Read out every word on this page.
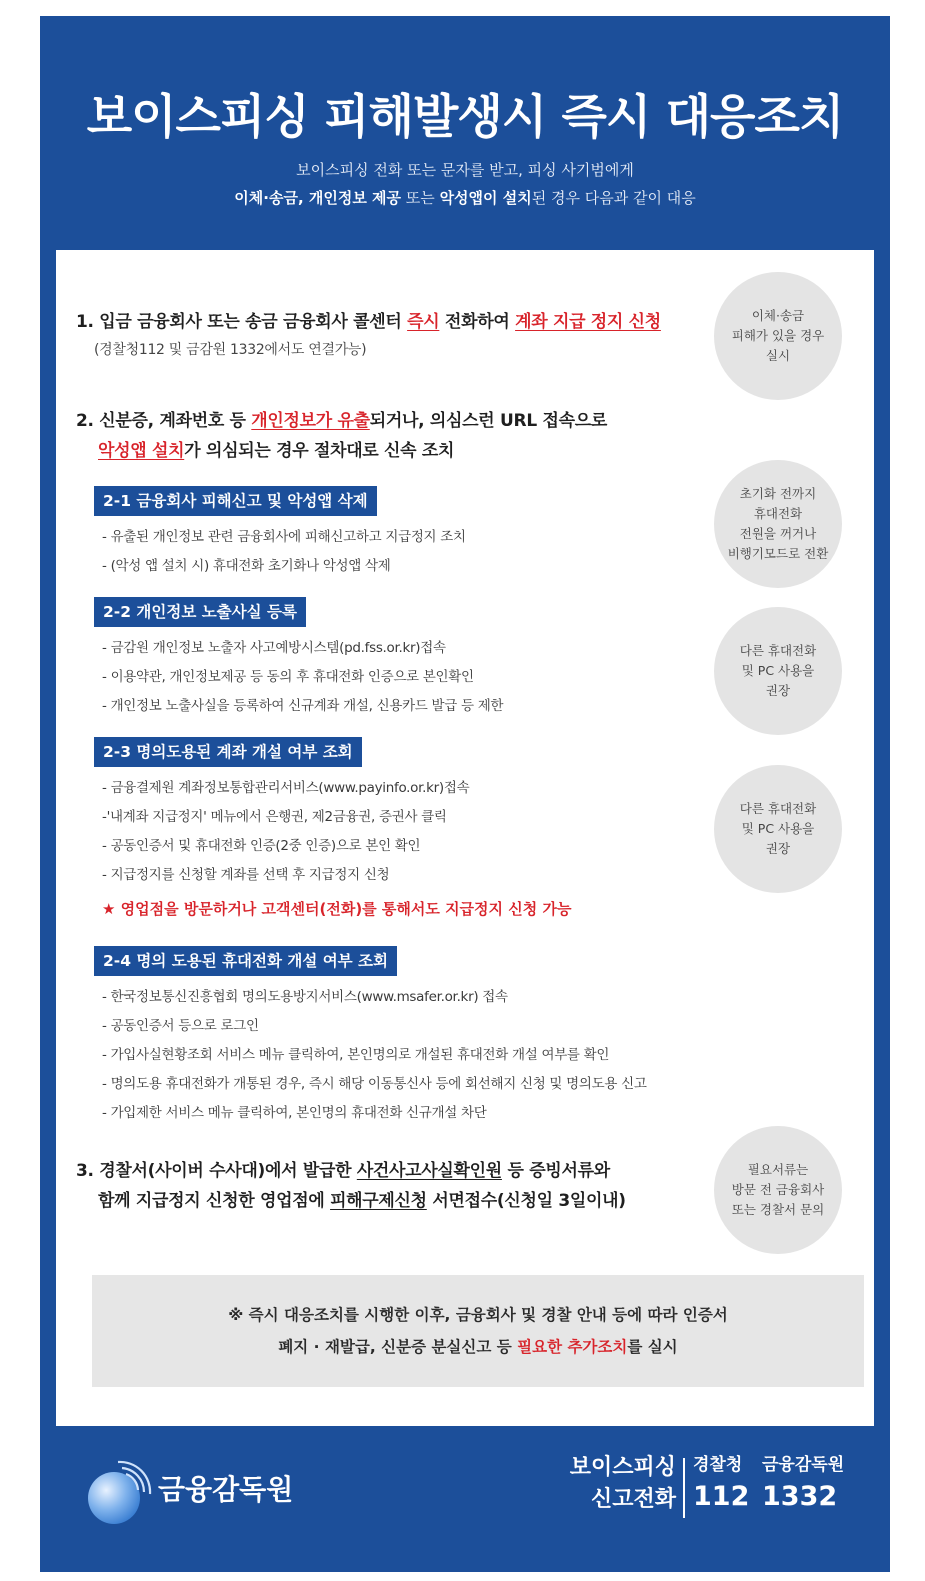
보이스피싱 피해발생시 즉시 대응조치
보이스피싱 전화 또는 문자를 받고, 피싱 사기범에게
이체·송금, 개인정보 제공 또는 악성앱이 설치된 경우 다음과 같이 대응
1. 입금 금융회사 또는 송금 금융회사 콜센터 즉시 전화하여 계좌 지급 정지 신청
(경찰청112 및 금감원 1332에서도 연결가능)
이체·송금
피해가 있을 경우
실시
2. 신분증, 계좌번호 등 개인정보가 유출되거나, 의심스런 URL 접속으로
악성앱 설치가 의심되는 경우 절차대로 신속 조치
2-1 금융회사 피해신고 및 악성앱 삭제
- 유출된 개인정보 관련 금융회사에 피해신고하고 지급정지 조치
- (악성 앱 설치 시) 휴대전화 초기화나 악성앱 삭제
초기화 전까지
휴대전화
전원을 꺼거나
비행기모드로 전환
2-2 개인정보 노출사실 등록
- 금감원 개인정보 노출자 사고예방시스템(pd.fss.or.kr)접속
- 이용약관, 개인정보제공 등 동의 후 휴대전화 인증으로 본인확인
- 개인정보 노출사실을 등록하여 신규계좌 개설, 신용카드 발급 등 제한
다른 휴대전화
및 PC 사용을
권장
2-3 명의도용된 계좌 개설 여부 조회
- 금융결제원 계좌정보통합관리서비스(www.payinfo.or.kr)접속
-'내계좌 지급정지' 메뉴에서 은행권, 제2금융권, 증권사 클릭
- 공동인증서 및 휴대전화 인증(2중 인증)으로 본인 확인
- 지급정지를 신청할 계좌를 선택 후 지급정지 신청
★ 영업점을 방문하거나 고객센터(전화)를 통해서도 지급정지 신청 가능
다른 휴대전화
및 PC 사용을
권장
2-4 명의 도용된 휴대전화 개설 여부 조회
- 한국정보통신진흥협회 명의도용방지서비스(www.msafer.or.kr) 접속
- 공동인증서 등으로 로그인
- 가입사실현황조회 서비스 메뉴 클릭하여, 본인명의로 개설된 휴대전화 개설 여부를 확인
- 명의도용 휴대전화가 개통된 경우, 즉시 해당 이동통신사 등에 회선해지 신청 및 명의도용 신고
- 가입제한 서비스 메뉴 클릭하여, 본인명의 휴대전화 신규개설 차단
3. 경찰서(사이버 수사대)에서 발급한 사건사고사실확인원 등 증빙서류와
함께 지급정지 신청한 영업점에 피해구제신청 서면접수(신청일 3일이내)
필요서류는
방문 전 금융회사
또는 경찰서 문의
※ 즉시 대응조치를 시행한 이후, 금융회사 및 경찰 안내 등에 따라 인증서
폐지 · 재발급, 신분증 분실신고 등 필요한 추가조치를 실시
금융감독원
보이스피싱
신고전화
경찰청
112
금융감독원
1332
